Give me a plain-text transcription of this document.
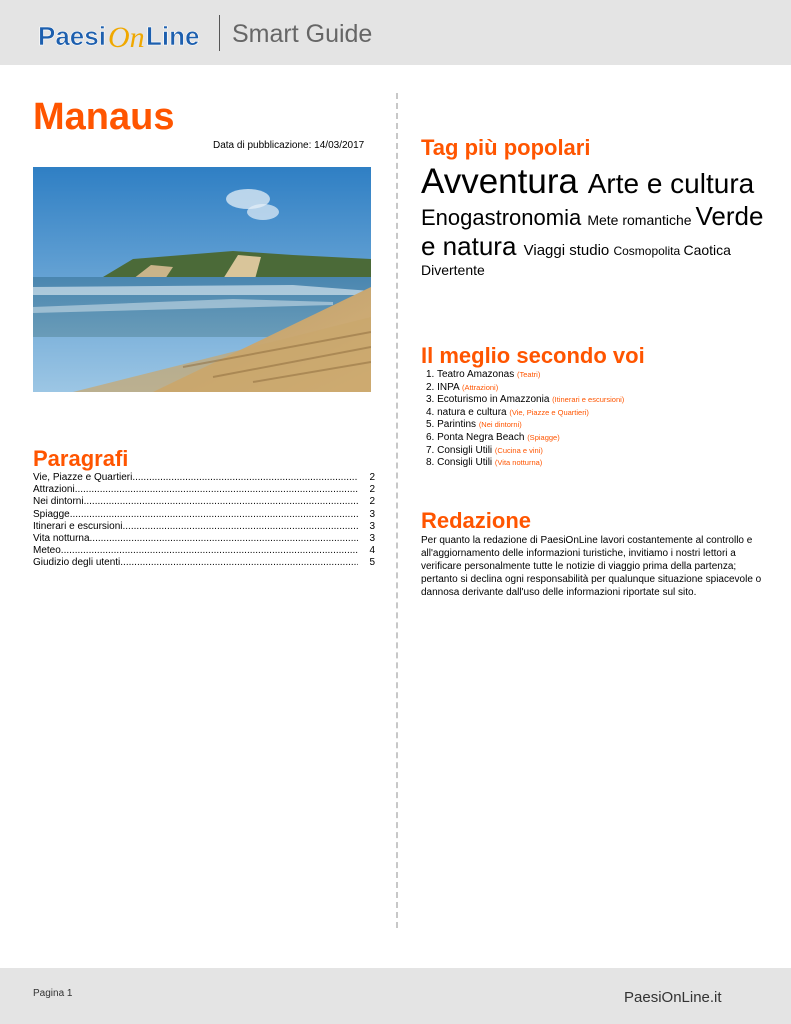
Paesi On Line Smart Guide
Manaus
Data di pubblicazione: 14/03/2017
Paragrafi
Vie, Piazze e Quartieri .....	2
Attrazioni .....	2
Nei dintorni .....	2
Spiagge .....	3
Itinerari e escursioni .....	3
Vita notturna .....	3
Meteo .....	4
Giudizio degli utenti .....	5
Tag più popolari
Avventura Arte e cultura Enogastronomia Mete romantiche Verde e natura Viaggi studio Cosmopolita Caotica Divertente
Il meglio secondo voi
1. Teatro Amazonas (Teatri)
2. INPA (Attrazioni)
3. Ecoturismo in Amazzonia (Itinerari e escursioni)
4. natura e cultura (Vie, Piazze e Quartieri)
5. Parintins (Nei dintorni)
6. Ponta Negra Beach (Spiagge)
7. Consigli Utili (Cucina e vini)
8. Consigli Utili (Vita notturna)
Redazione
Per quanto la redazione di PaesiOnLine lavori costantemente al controllo e all'aggiornamento delle informazioni turistiche, invitiamo i nostri lettori a verificare personalmente tutte le notizie di viaggio prima della partenza; pertanto si declina ogni responsabilità per qualunque situazione spiacevole o dannosa derivante dall'uso delle informazioni riportate sul sito.
Pagina 1	PaesiOnLine.it
